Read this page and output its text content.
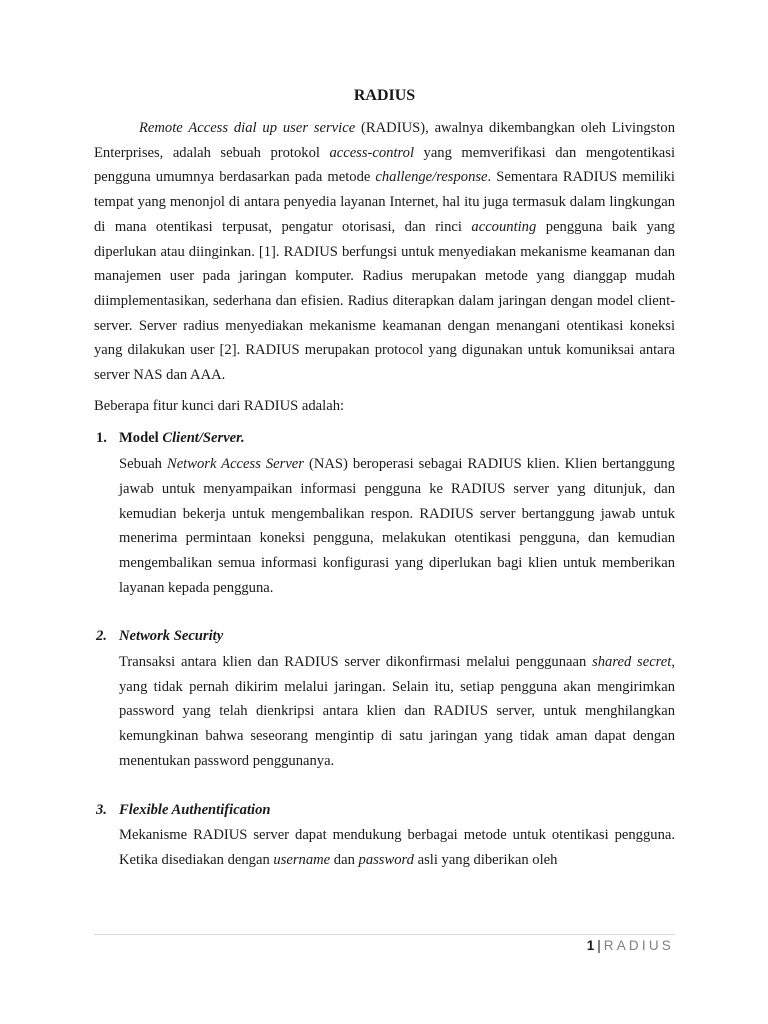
RADIUS

Remote Access dial up user service (RADIUS), awalnya dikembangkan oleh Livingston Enterprises, adalah sebuah protokol access-control yang memverifikasi dan mengotentikasi pengguna umumnya berdasarkan pada metode challenge/response. Sementara RADIUS memiliki tempat yang menonjol di antara penyedia layanan Internet, hal itu juga termasuk dalam lingkungan di mana otentikasi terpusat, pengatur otorisasi, dan rinci accounting pengguna baik yang diperlukan atau diinginkan. [1]. RADIUS berfungsi untuk menyediakan mekanisme keamanan dan manajemen user pada jaringan komputer. Radius merupakan metode yang dianggap mudah diimplementasikan, sederhana dan efisien. Radius diterapkan dalam jaringan dengan model client-server. Server radius menyediakan mekanisme keamanan dengan menangani otentikasi koneksi yang dilakukan user [2]. RADIUS merupakan protocol yang digunakan untuk komuniksai antara server NAS dan AAA.

Beberapa fitur kunci dari RADIUS adalah:

1. Model Client/Server.

Sebuah Network Access Server (NAS) beroperasi sebagai RADIUS klien. Klien bertanggung jawab untuk menyampaikan informasi pengguna ke RADIUS server yang ditunjuk, dan kemudian bekerja untuk mengembalikan respon. RADIUS server bertanggung jawab untuk menerima permintaan koneksi pengguna, melakukan otentikasi pengguna, dan kemudian mengembalikan semua informasi konfigurasi yang diperlukan bagi klien untuk memberikan layanan kepada pengguna.

2. Network Security

Transaksi antara klien dan RADIUS server dikonfirmasi melalui penggunaan shared secret, yang tidak pernah dikirim melalui jaringan. Selain itu, setiap pengguna akan mengirimkan password yang telah dienkripsi antara klien dan RADIUS server, untuk menghilangkan kemungkinan bahwa seseorang mengintip di satu jaringan yang tidak aman dapat dengan menentukan password penggunanya.

3. Flexible Authentification

Mekanisme RADIUS server dapat mendukung berbagai metode untuk otentikasi pengguna. Ketika disediakan dengan username dan password asli yang diberikan oleh

1 | RADIUS
